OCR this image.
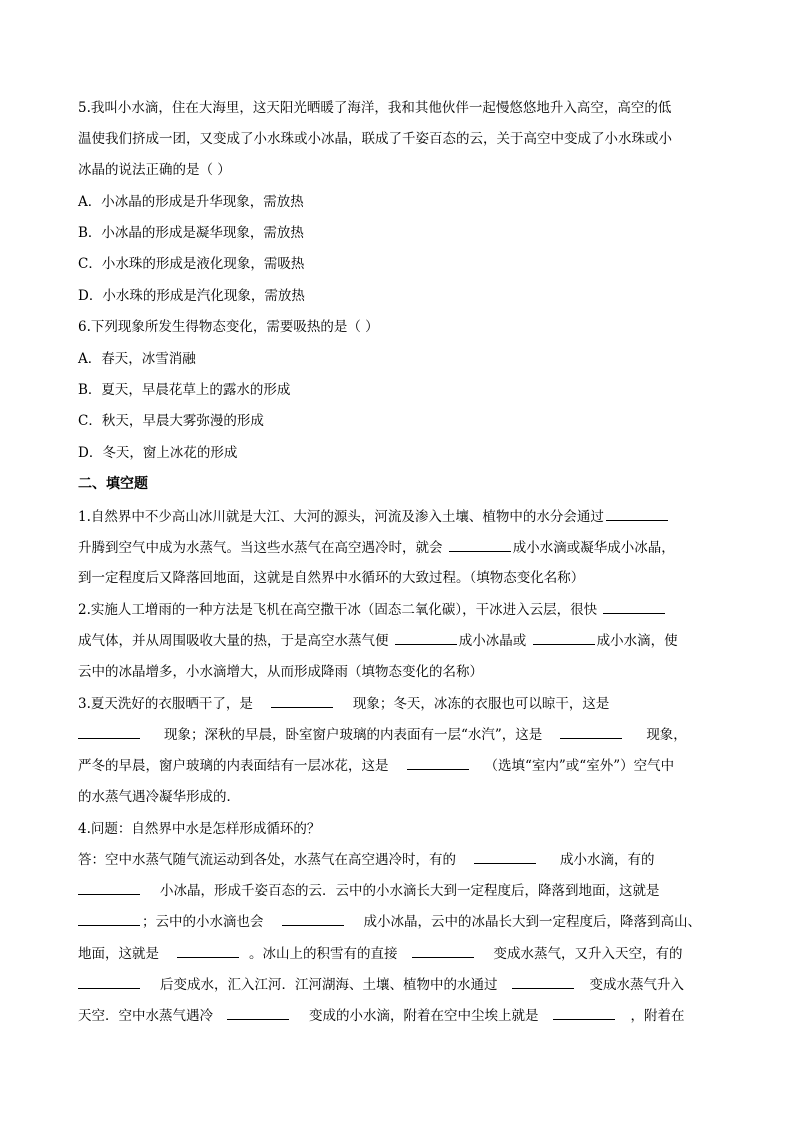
5.我叫小水滴，住在大海里，这天阳光晒暖了海洋，我和其他伙伴一起慢悠悠地升入高空，高空的低
温使我们挤成一团，又变成了小水珠或小冰晶，联成了千姿百态的云，关于高空中变成了小水珠或小
冰晶的说法正确的是（ ）
A．小冰晶的形成是升华现象，需放热
B．小冰晶的形成是凝华现象，需放热
C．小水珠的形成是液化现象，需吸热
D．小水珠的形成是汽化现象，需放热
6.下列现象所发生得物态变化，需要吸热的是（ ）
A．春天，冰雪消融
B．夏天，早晨花草上的露水的形成
C．秋天，早晨大雾弥漫的形成
D．冬天，窗上冰花的形成
二、填空题
1.自然界中不少高山冰川就是大江、大河的源头，河流及渗入土壤、植物中的水分会通过
升腾到空气中成为水蒸气。当这些水蒸气在高空遇冷时，就会	成小水滴或凝华成小冰晶，
到一定程度后又降落回地面，这就是自然界中水循环的大致过程。（填物态变化名称）
2.实施人工增雨的一种方法是飞机在高空撒干冰（固态二氧化碳），干冰进入云层，很快
成气体，并从周围吸收大量的热，于是高空水蒸气便	成小冰晶或	成小水滴，使
云中的冰晶增多，小水滴增大，从而形成降雨（填物态变化的名称）
3.夏天洗好的衣服晒干了，是	现象；冬天，冰冻的衣服也可以晾干，这是
现象；深秋的早晨，卧室窗户玻璃的内表面有一层“水汽”，这是	现象，
严冬的早晨，窗户玻璃的内表面结有一层冰花，这是	（选填“室内”或“室外”）空气中
的水蒸气遇冷凝华形成的．
4.问题：自然界中水是怎样形成循环的？
答：空中水蒸气随气流运动到各处，水蒸气在高空遇冷时，有的	成小水滴，有的
小冰晶，形成千姿百态的云．云中的小水滴长大到一定程度后，降落到地面，这就是
；云中的小水滴也会	成小冰晶，云中的冰晶长大到一定程度后，降落到高山、
地面，这就是	。冰山上的积雪有的直接	变成水蒸气，又升入天空，有的
后变成水，汇入江河．江河湖海、土壤、植物中的水通过	变成水蒸气升入
天空．空中水蒸气遇冷	变成的小水滴，附着在空中尘埃上就是	，附着在
